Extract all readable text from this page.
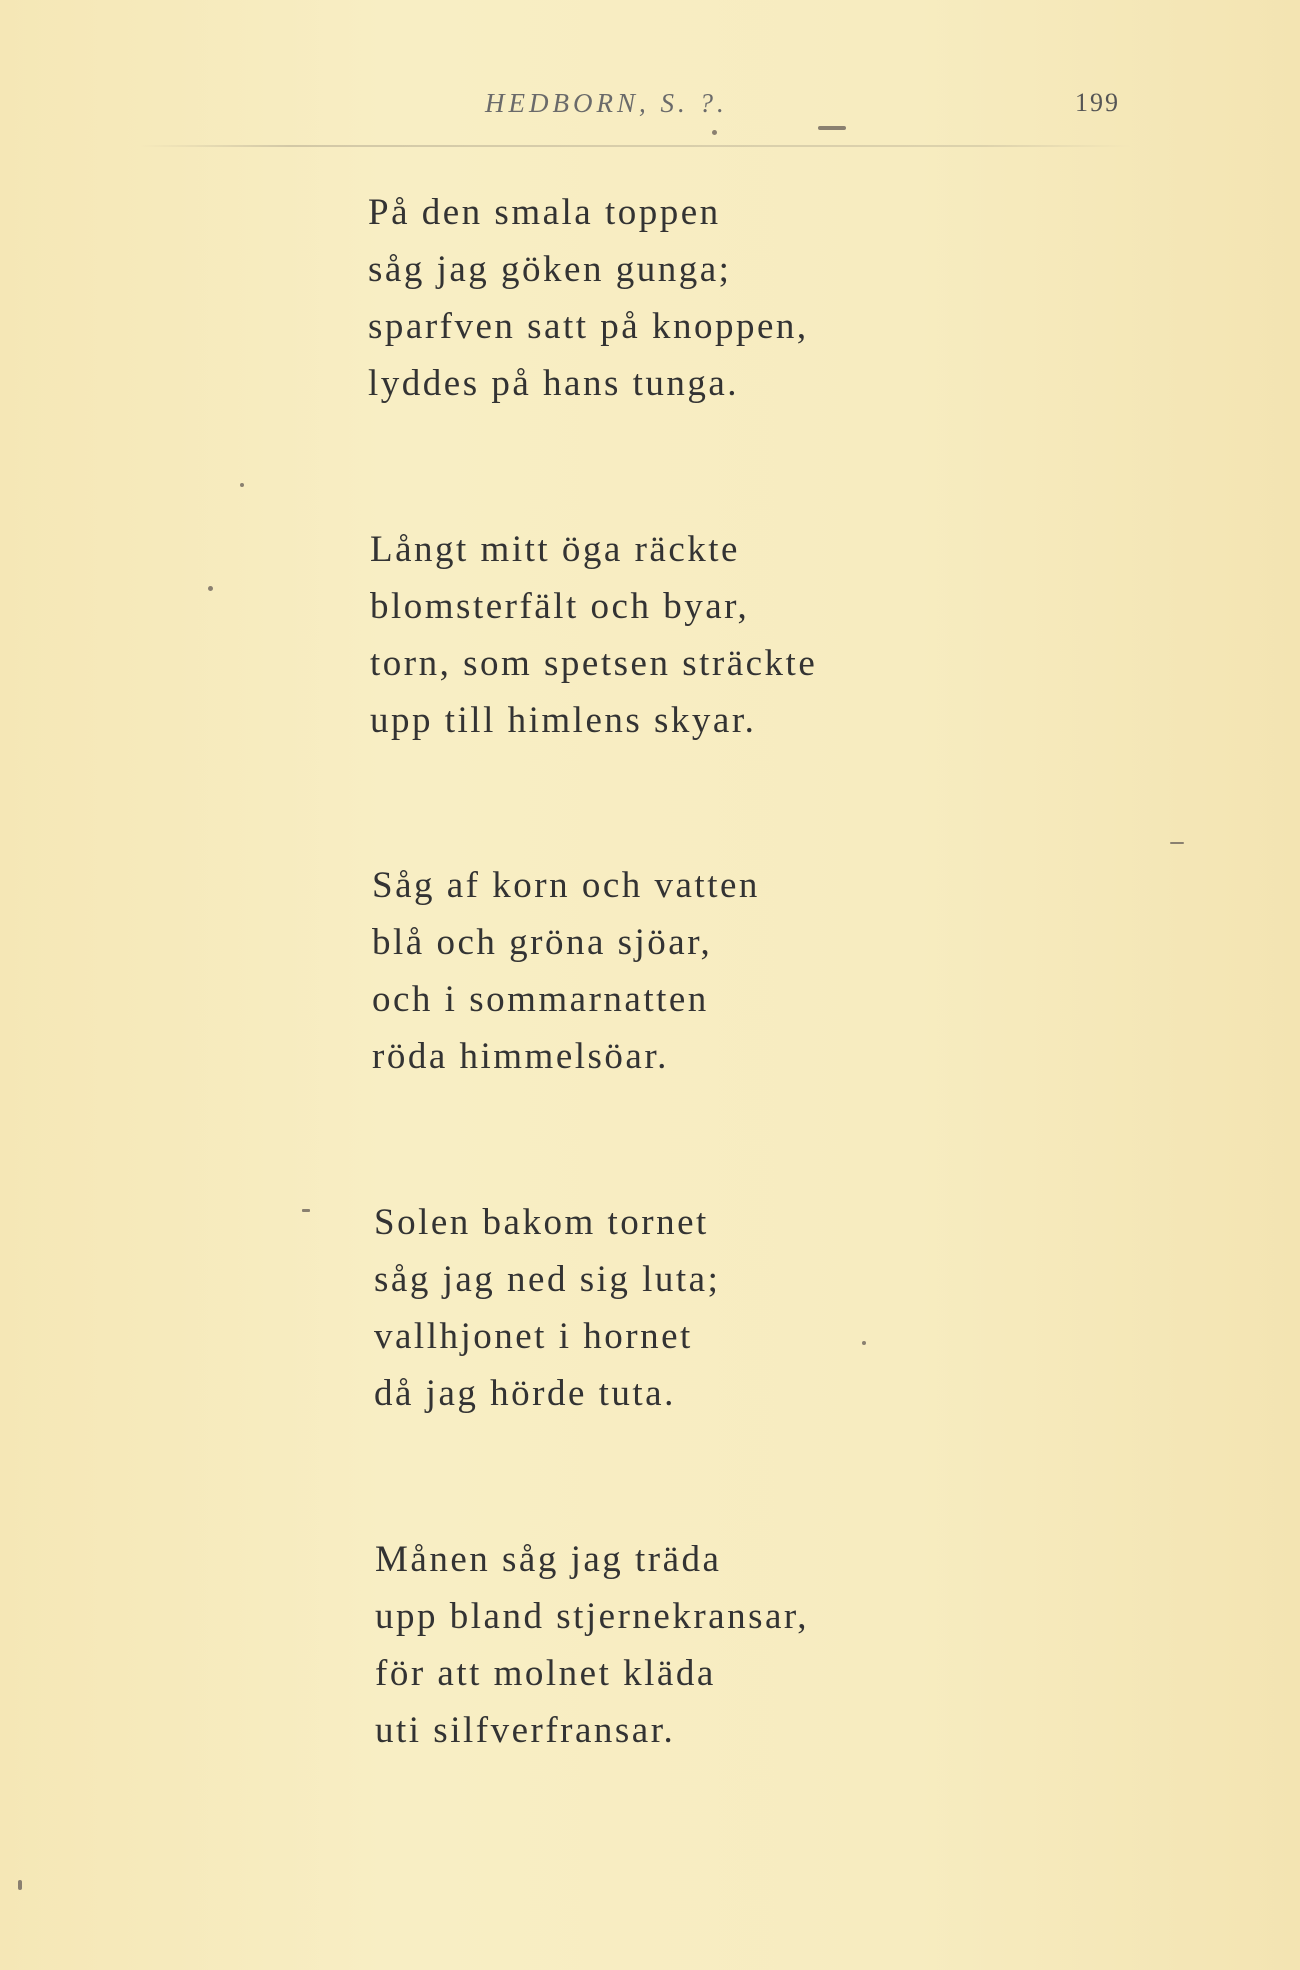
HEDBORN, S. ?.	199
På den smala toppen
såg jag göken gunga;
sparfven satt på knoppen,
lyddes på hans tunga.
Långt mitt öga räckte
blomsterfält och byar,
torn, som spetsen sträckte
upp till himlens skyar.
Såg af korn och vatten
blå och gröna sjöar,
och i sommarnatten
röda himmelsöar.
Solen bakom tornet
såg jag ned sig luta;
vallhjonet i hornet
då jag hörde tuta.
Månen såg jag träda
upp bland stjernekransar,
för att molnet kläda
uti silfverfransar.
